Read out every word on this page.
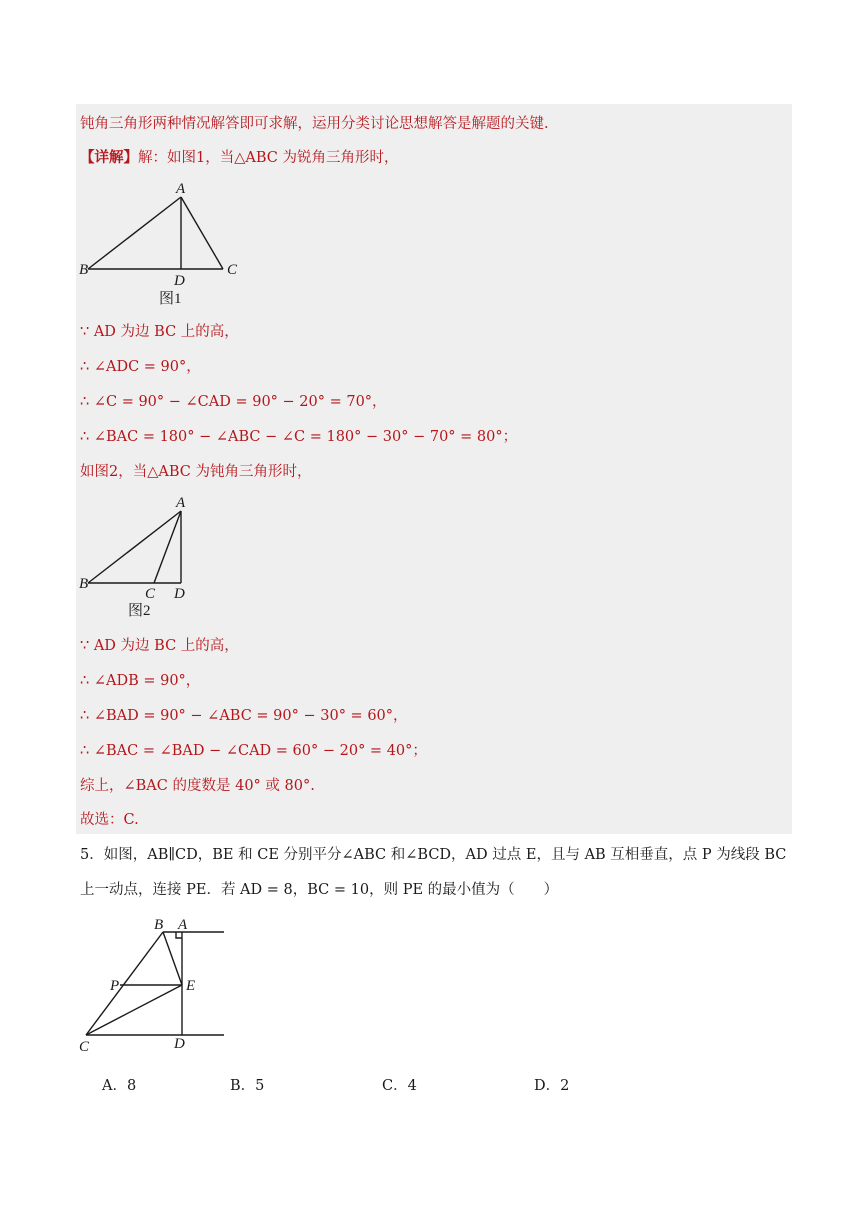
钝角三角形两种情况解答即可求解，运用分类讨论思想解答是解题的关键.
【详解】解：如图1，当△ABC 为锐角三角形时，
A
B	C
D
图1
∵ AD 为边 BC 上的高，
∴ ∠ADC = 90°，
∴ ∠C = 90° − ∠CAD = 90° − 20° = 70°，
∴ ∠BAC = 180° − ∠ABC − ∠C = 180° − 30° − 70° = 80°；
如图2，当△ABC 为钝角三角形时，
A
B
C D
图2
∵ AD 为边 BC 上的高，
∴ ∠ADB = 90°，
∴ ∠BAD = 90° − ∠ABC = 90° − 30° = 60°，
∴ ∠BAC = ∠BAD − ∠CAD = 60° − 20° = 40°；
综上，∠BAC 的度数是 40° 或 80°.
故选：C.
5．如图，AB∥CD，BE 和 CE 分别平分∠ABC 和∠BCD，AD 过点 E，且与 AB 互相垂直，点 P 为线段 BC
上一动点，连接 PE．若 AD = 8，BC = 10，则 PE 的最小值为（　　）
B A
P	E
C	D
A．8	B．5	C．4	D．2
